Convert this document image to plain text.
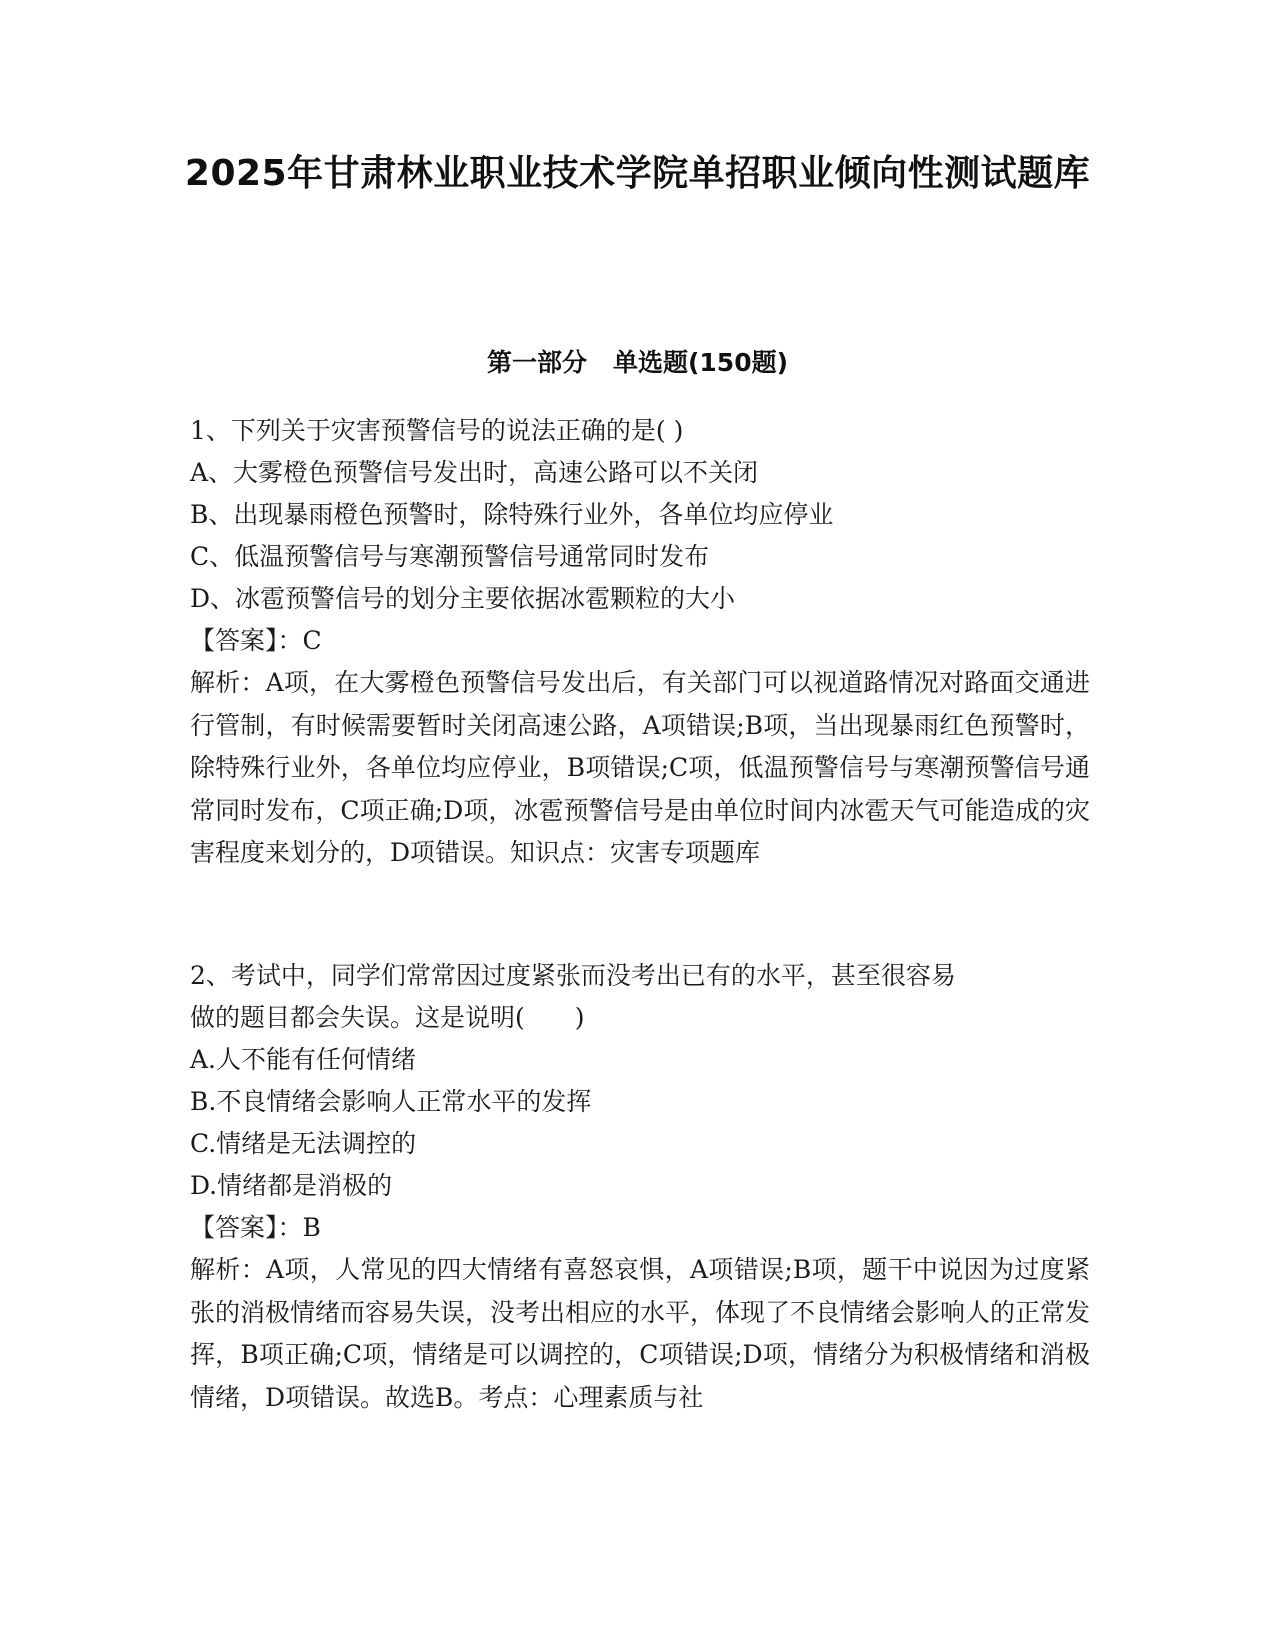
2025年甘肃林业职业技术学院单招职业倾向性测试题库
第一部分 单选题(150题)
1、下列关于灾害预警信号的说法正确的是( )
A、大雾橙色预警信号发出时，高速公路可以不关闭
B、出现暴雨橙色预警时，除特殊行业外，各单位均应停业
C、低温预警信号与寒潮预警信号通常同时发布
D、冰雹预警信号的划分主要依据冰雹颗粒的大小
【答案】：C
解析：A项，在大雾橙色预警信号发出后，有关部门可以视道路情况对路面交通进行管制，有时候需要暂时关闭高速公路，A项错误;B项，当出现暴雨红色预警时，除特殊行业外，各单位均应停业，B项错误;C项，低温预警信号与寒潮预警信号通常同时发布，C项正确;D项，冰雹预警信号是由单位时间内冰雹天气可能造成的灾害程度来划分的，D项错误。知识点：灾害专项题库
2、考试中，同学们常常因过度紧张而没考出已有的水平，甚至很容易
做的题目都会失误。这是说明(　　)
A.人不能有任何情绪
B.不良情绪会影响人正常水平的发挥
C.情绪是无法调控的
D.情绪都是消极的
【答案】：B
解析：A项，人常见的四大情绪有喜怒哀惧，A项错误;B项，题干中说因为过度紧张的消极情绪而容易失误，没考出相应的水平，体现了不良情绪会影响人的正常发挥，B项正确;C项，情绪是可以调控的，C项错误;D项，情绪分为积极情绪和消极情绪，D项错误。故选B。考点：心理素质与社
